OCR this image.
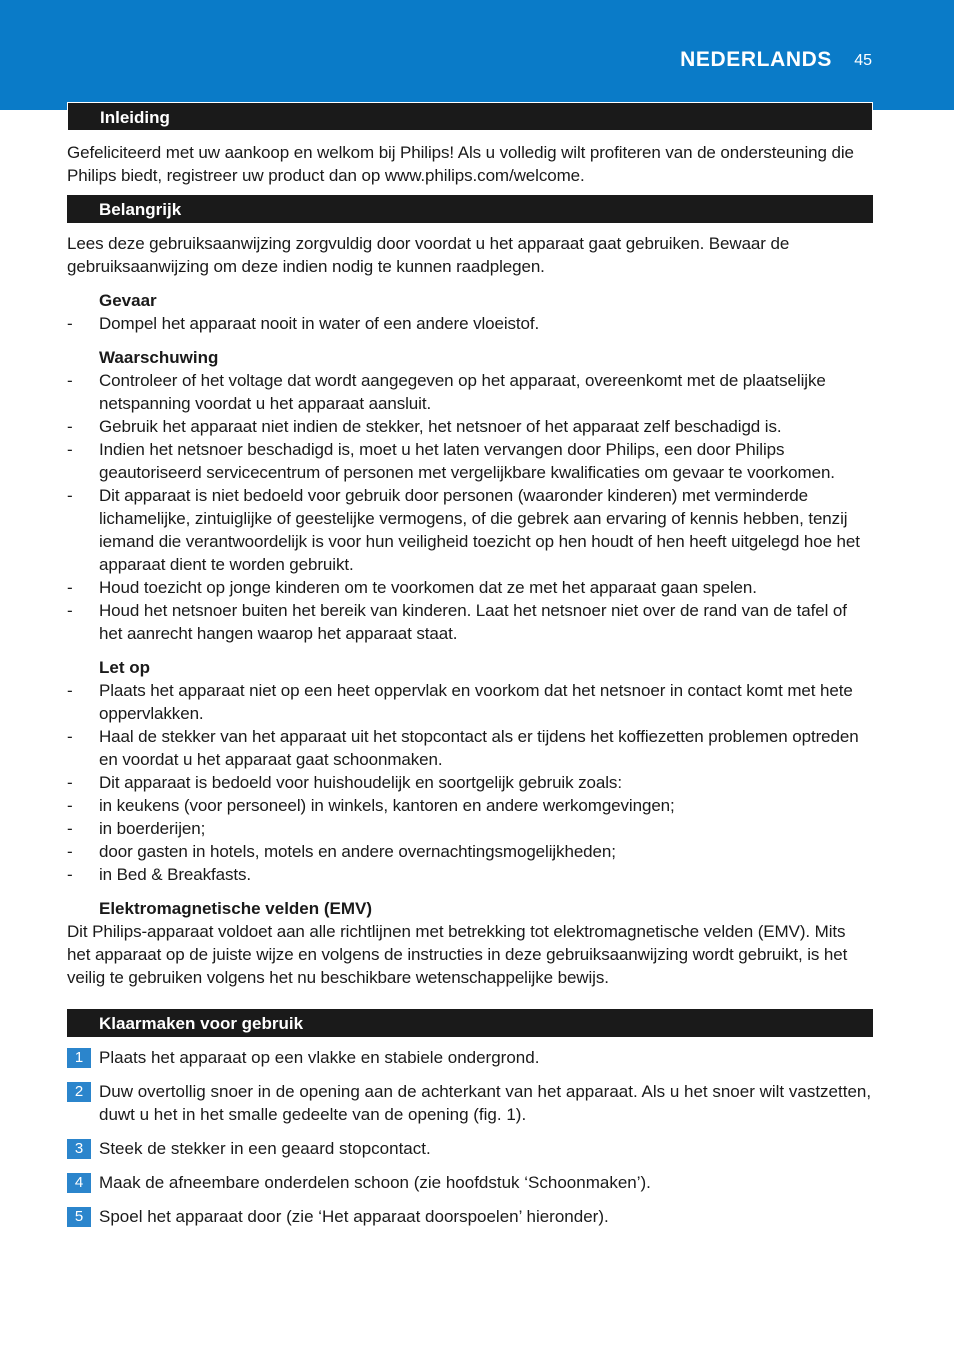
NEDERLANDS 45
Inleiding

Gefeliciteerd met uw aankoop en welkom bij Philips! Als u volledig wilt profiteren van de ondersteuning die Philips biedt, registreer uw product dan op www.philips.com/welcome.

Belangrijk

Lees deze gebruiksaanwijzing zorgvuldig door voordat u het apparaat gaat gebruiken. Bewaar de gebruiksaanwijzing om deze indien nodig te kunnen raadplegen.

Gevaar
- Dompel het apparaat nooit in water of een andere vloeistof.
Waarschuwing
- Controleer of het voltage dat wordt aangegeven op het apparaat, overeenkomt met de plaatselijke netspanning voordat u het apparaat aansluit.
- Gebruik het apparaat niet indien de stekker, het netsnoer of het apparaat zelf beschadigd is.
- Indien het netsnoer beschadigd is, moet u het laten vervangen door Philips, een door Philips geautoriseerd servicecentrum of personen met vergelijkbare kwalificaties om gevaar te voorkomen.
- Dit apparaat is niet bedoeld voor gebruik door personen (waaronder kinderen) met verminderde lichamelijke, zintuiglijke of geestelijke vermogens, of die gebrek aan ervaring of kennis hebben, tenzij iemand die verantwoordelijk is voor hun veiligheid toezicht op hen houdt of hen heeft uitgelegd hoe het apparaat dient te worden gebruikt.
- Houd toezicht op jonge kinderen om te voorkomen dat ze met het apparaat gaan spelen.
- Houd het netsnoer buiten het bereik van kinderen. Laat het netsnoer niet over de rand van de tafel of het aanrecht hangen waarop het apparaat staat.
Let op
- Plaats het apparaat niet op een heet oppervlak en voorkom dat het netsnoer in contact komt met hete oppervlakken.
- Haal de stekker van het apparaat uit het stopcontact als er tijdens het koffiezetten problemen optreden en voordat u het apparaat gaat schoonmaken.
- Dit apparaat is bedoeld voor huishoudelijk en soortgelijk gebruik zoals:
- in keukens (voor personeel) in winkels, kantoren en andere werkomgevingen;
- in boerderijen;
- door gasten in hotels, motels en andere overnachtingsmogelijkheden;
- in Bed & Breakfasts.
Elektromagnetische velden (EMV)

Dit Philips-apparaat voldoet aan alle richtlijnen met betrekking tot elektromagnetische velden (EMV). Mits het apparaat op de juiste wijze en volgens de instructies in deze gebruiksaanwijzing wordt gebruikt, is het veilig te gebruiken volgens het nu beschikbare wetenschappelijke bewijs.

Klaarmaken voor gebruik
1 Plaats het apparaat op een vlakke en stabiele ondergrond.
2 Duw overtollig snoer in de opening aan de achterkant van het apparaat. Als u het snoer wilt vastzetten, duwt u het in het smalle gedeelte van de opening (fig. 1).
3 Steek de stekker in een geaard stopcontact.
4 Maak de afneembare onderdelen schoon (zie hoofdstuk ‘Schoonmaken’).
5 Spoel het apparaat door (zie ‘Het apparaat doorspoelen’ hieronder).
